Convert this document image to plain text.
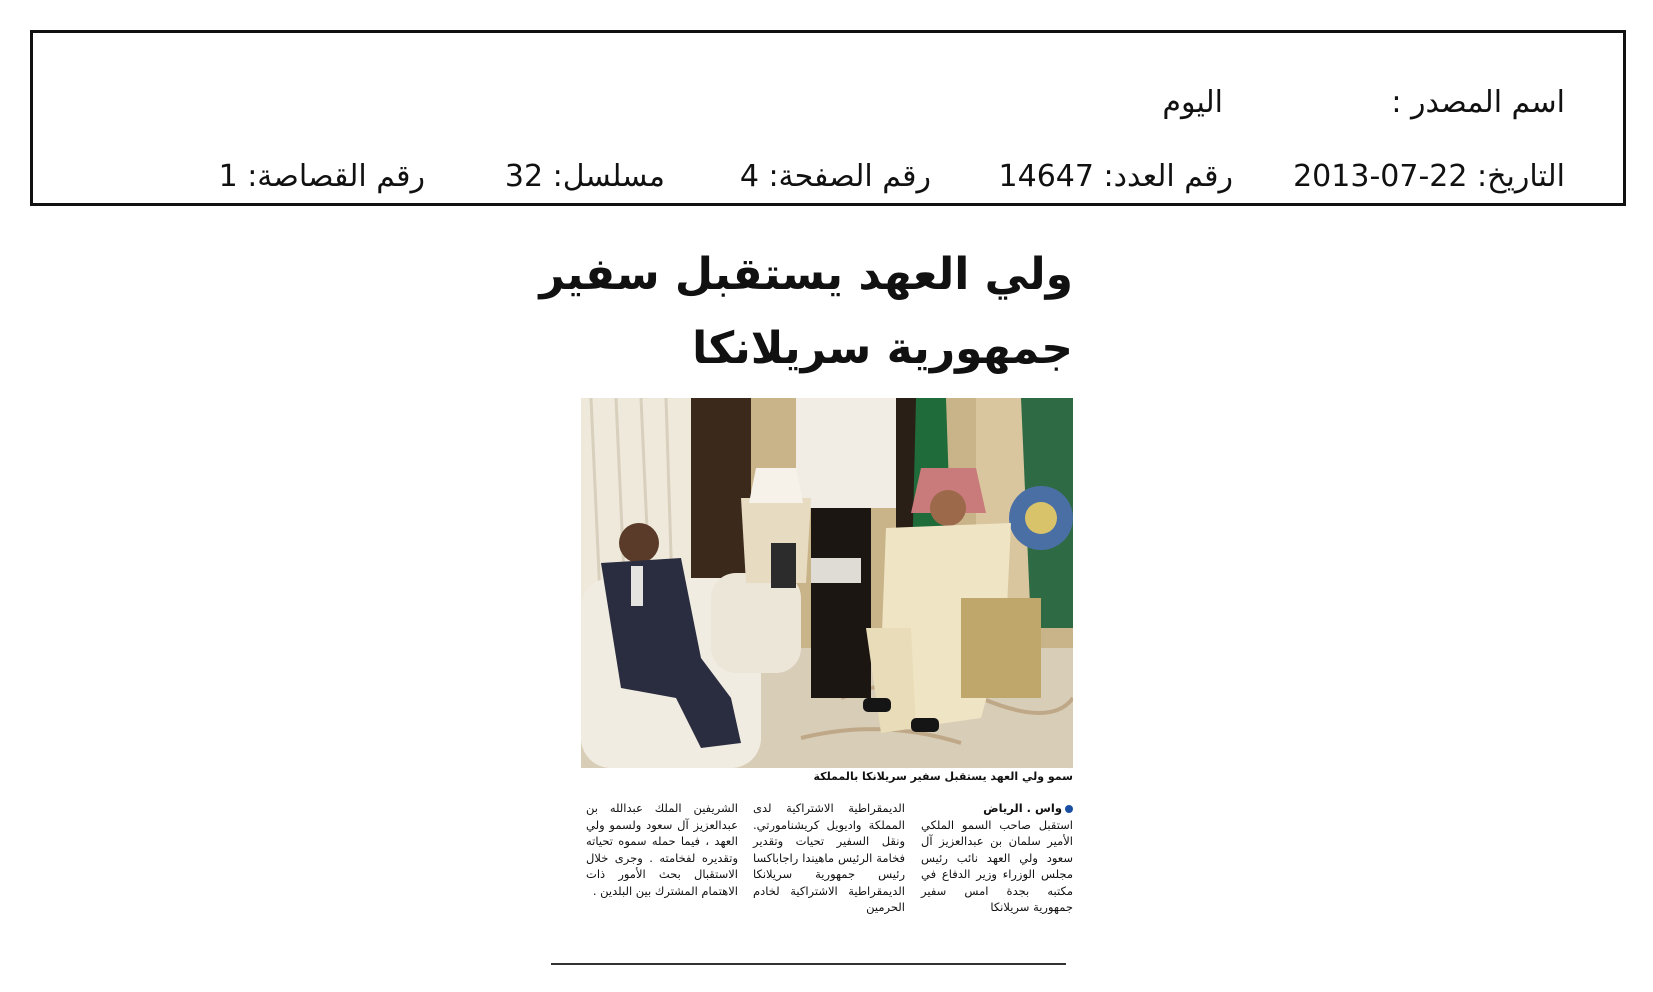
اسم المصدر :
اليوم
التاريخ: 22-07-2013
رقم العدد: 14647
رقم الصفحة: 4
مسلسل: 32
رقم القصاصة: 1
ولي العهد يستقبل سفير
جمهورية سريلانكا
سمو ولي العهد يستقبل سفير سريلانكا بالمملكة
واس . الرياض
استقبل صاحب السمو الملكي الأمير سلمان بن عبدالعزيز آل سعود ولي العهد نائب رئيس مجلس الوزراء وزير الدفاع في مكتبه بجدة امس سفير جمهورية سريلانكا
الديمقراطية الاشتراكية لدى المملكة واديويل كريشنامورتي. ونقل السفير تحيات وتقدير فخامة الرئيس ماهيندا راجاباكسا رئيس جمهورية سريلانكا الديمقراطية الاشتراكية لخادم الحرمين
الشريفين الملك عبدالله بن عبدالعزيز آل سعود ولسمو ولي العهد ، فيما حمله سموه تحياته وتقديره لفخامته . وجرى خلال الاستقبال بحث الأمور ذات الاهتمام المشترك بين البلدين .
